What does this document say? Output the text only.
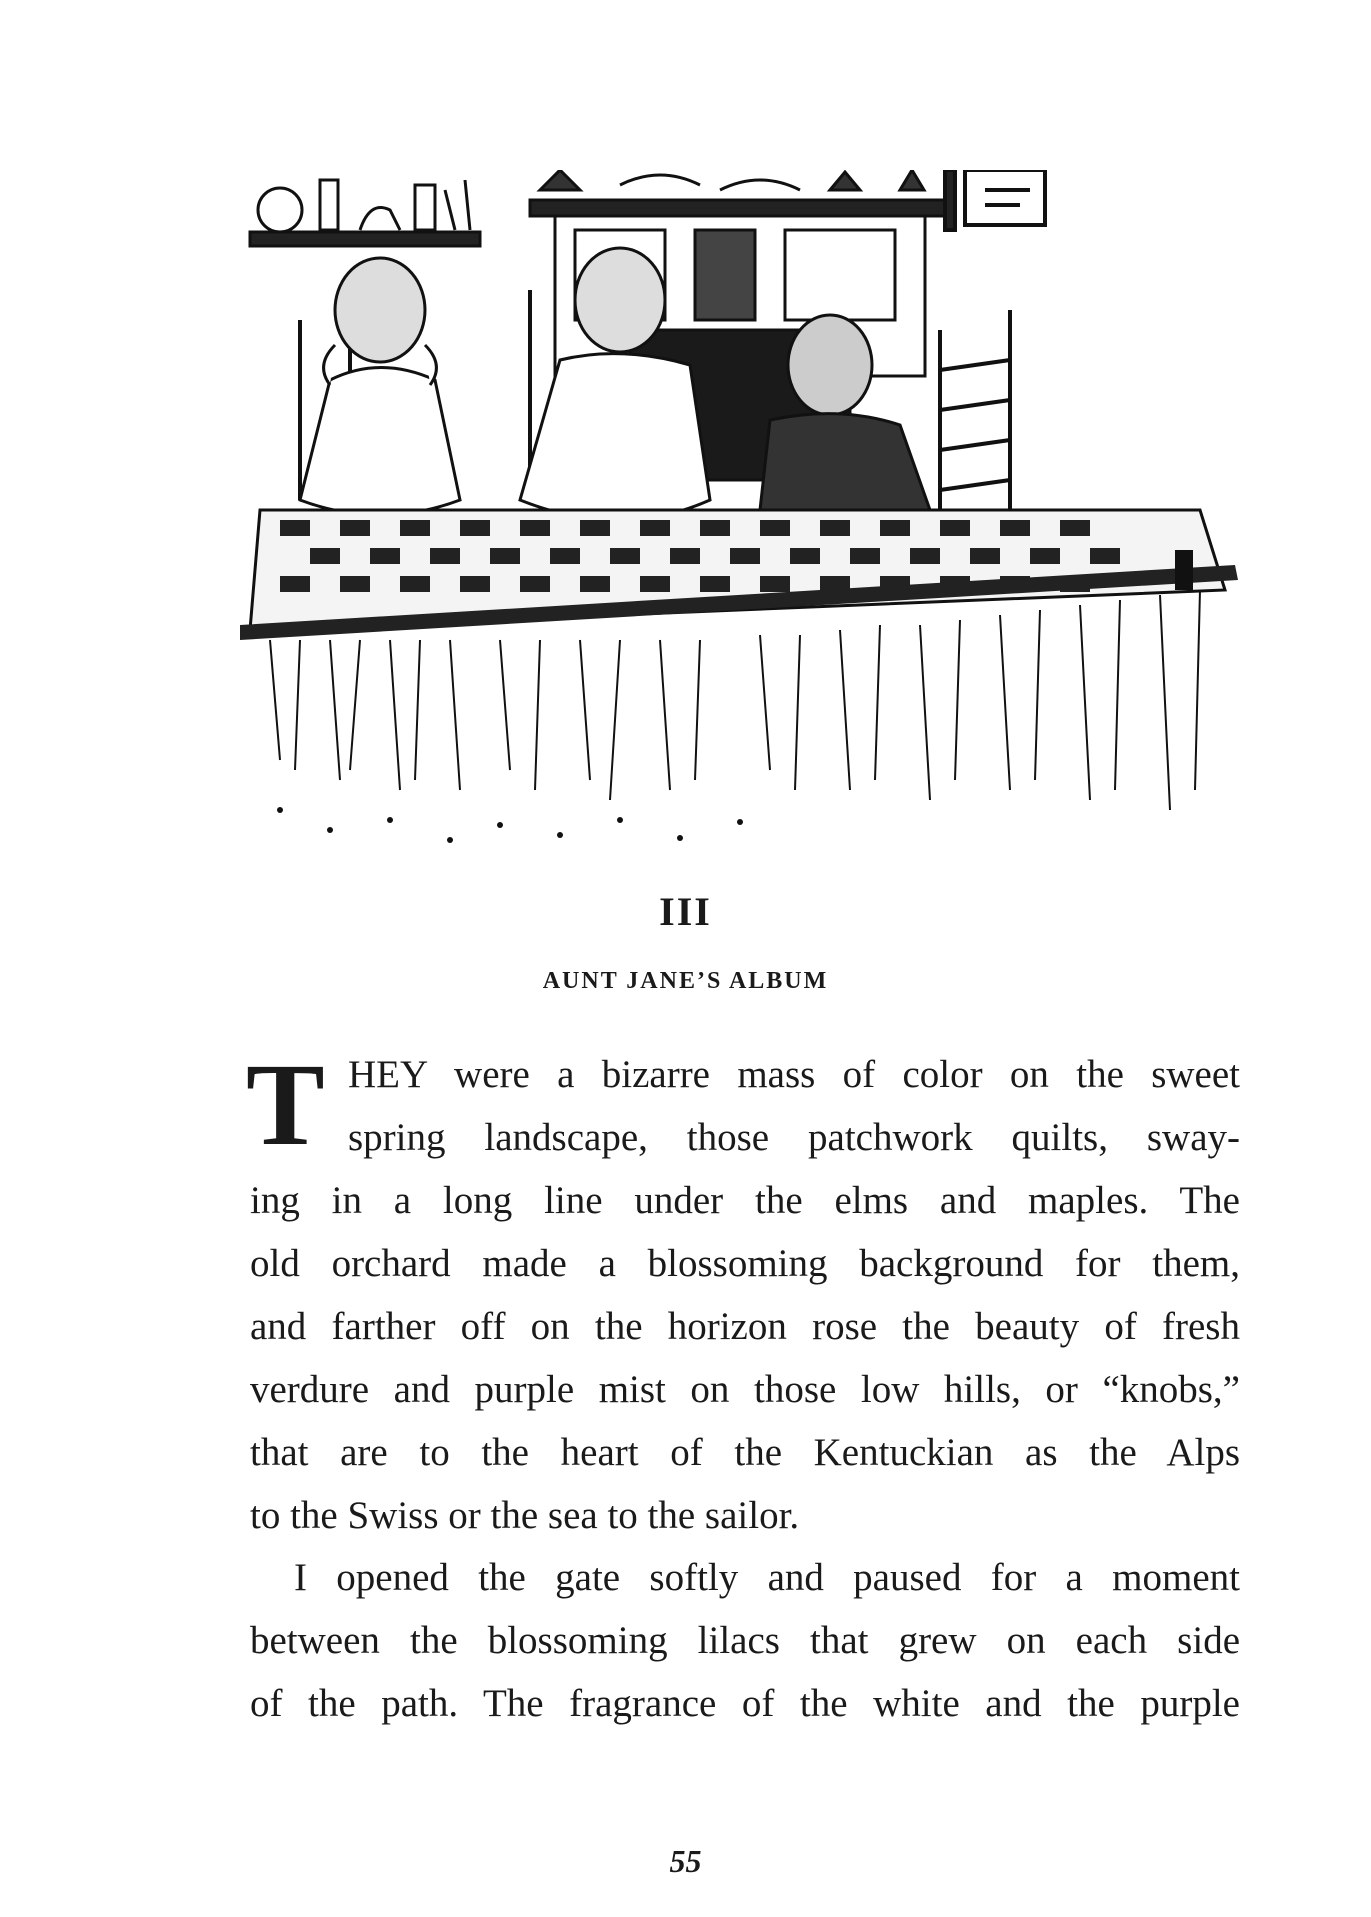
III
AUNT JANE’S ALBUM
T HEY were a bizarre mass of color on the sweet
spring landscape, those patchwork quilts, sway-
ing in a long line under the elms and maples. The
old orchard made a blossoming background for them,
and farther off on the horizon rose the beauty of fresh
verdure and purple mist on those low hills, or “knobs,”
that are to the heart of the Kentuckian as the Alps
to the Swiss or the sea to the sailor.
I opened the gate softly and paused for a moment
between the blossoming lilacs that grew on each side
of the path. The fragrance of the white and the purple
55
